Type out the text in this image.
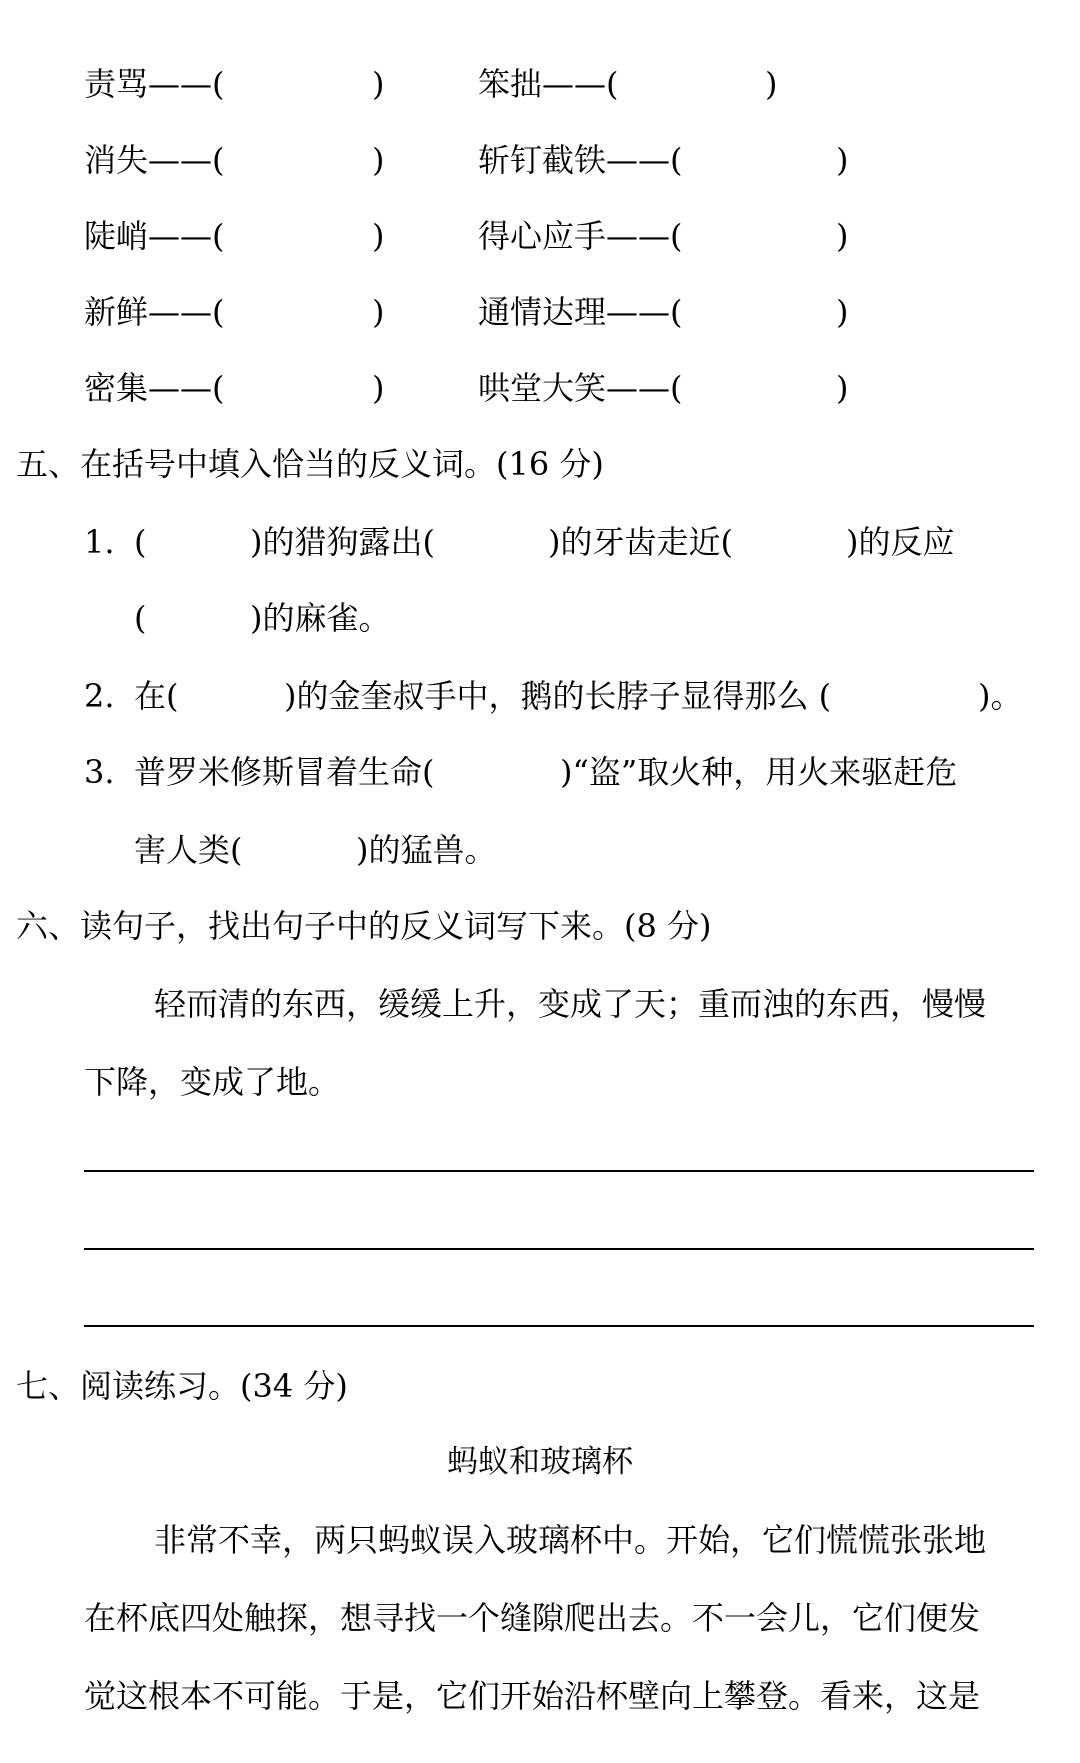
责骂——(	)	笨拙——(	)
消失——(	)	斩钉截铁——(	)
陡峭——(	)	得心应手——(	)
新鲜——(	)	通情达理——(	)
密集——(	)	哄堂大笑——(	)
五、在括号中填入恰当的反义词。(16 分)
1. (	)的猎狗露出(	)的牙齿走近(	)的反应
(	)的麻雀。
2. 在(	)的金奎叔手中，鹅的长脖子显得那么 (	)。
3. 普罗米修斯冒着生命(	)“盗”取火种，用火来驱赶危
害人类(	)的猛兽。
六、读句子，找出句子中的反义词写下来。(8 分)
轻而清的东西，缓缓上升，变成了天；重而浊的东西，慢慢
下降，变成了地。
七、阅读练习。(34 分)
蚂蚁和玻璃杯
非常不幸，两只蚂蚁误入玻璃杯中。开始，它们慌慌张张地
在杯底四处触探，想寻找一个缝隙爬出去。不一会儿，它们便发
觉这根本不可能。于是，它们开始沿杯壁向上攀登。看来，这是
